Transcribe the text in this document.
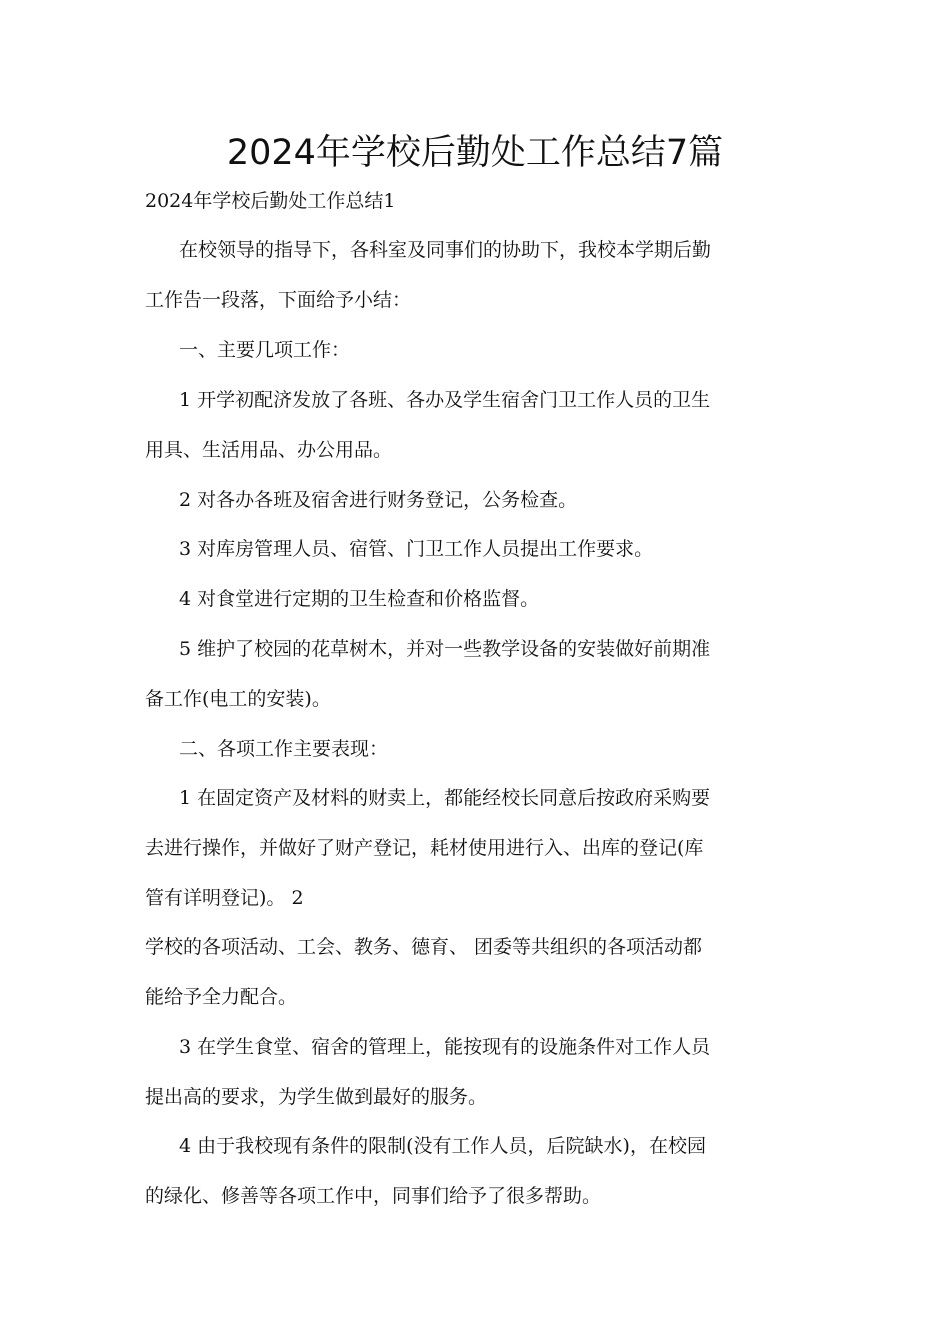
2024年学校后勤处工作总结7篇
2024年学校后勤处工作总结1
在校领导的指导下，各科室及同事们的协助下，我校本学期后勤
工作告一段落，下面给予小结：
一、主要几项工作：
1 开学初配济发放了各班、各办及学生宿舍门卫工作人员的卫生
用具、生活用品、办公用品。
2 对各办各班及宿舍进行财务登记，公务检查。
3 对库房管理人员、宿管、门卫工作人员提出工作要求。
4 对食堂进行定期的卫生检查和价格监督。
5 维护了校园的花草树木，并对一些教学设备的安装做好前期准
备工作(电工的安装)。
二、各项工作主要表现：
1 在固定资产及材料的财卖上，都能经校长同意后按政府采购要
去进行操作，并做好了财产登记，耗材使用进行入、出库的登记(库
管有详明登记)。 2
学校的各项活动、工会、教务、德育、 团委等共组织的各项活动都
能给予全力配合。
3 在学生食堂、宿舍的管理上，能按现有的设施条件对工作人员
提出高的要求，为学生做到最好的服务。
4 由于我校现有条件的限制(没有工作人员，后院缺水)，在校园
的绿化、修善等各项工作中，同事们给予了很多帮助。
